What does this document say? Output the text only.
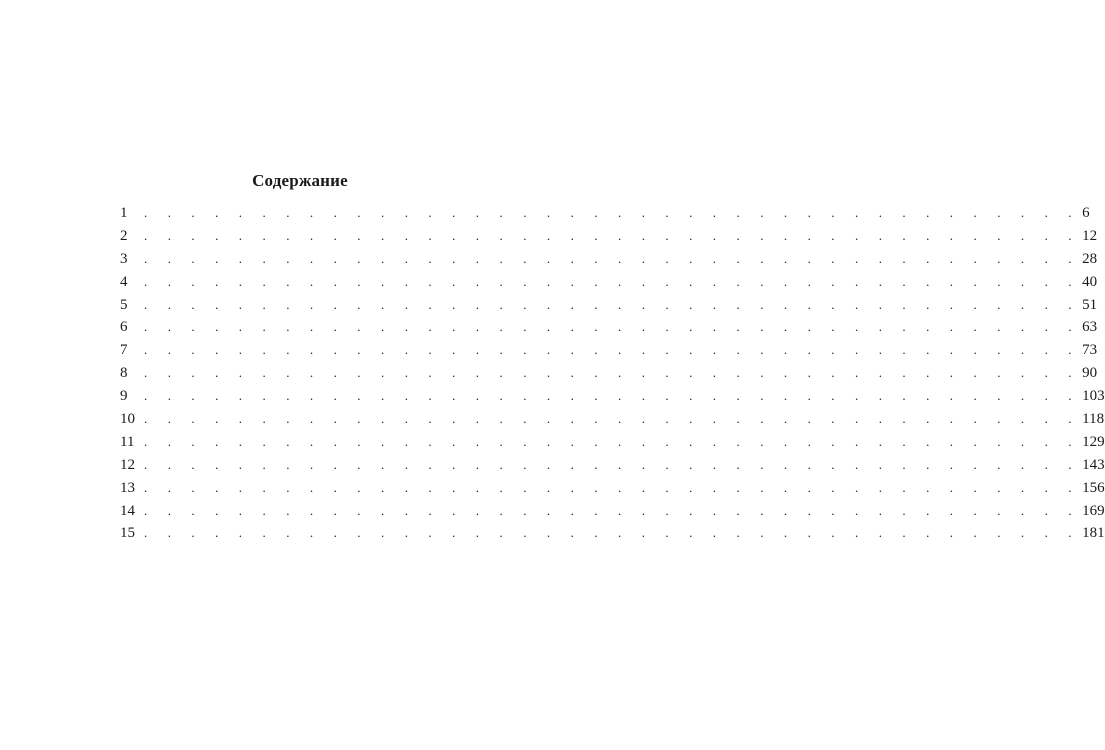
Содержание
1	. . . . . . . . . . . . . . . . . . . . . . . . . . . . . . . . . . . . . . . . 6
2	. . . . . . . . . . . . . . . . . . . . . . . . . . . . . . . . . . . . . . . . 12
3	. . . . . . . . . . . . . . . . . . . . . . . . . . . . . . . . . . . . . . . . 28
4	. . . . . . . . . . . . . . . . . . . . . . . . . . . . . . . . . . . . . . . . 40
5	. . . . . . . . . . . . . . . . . . . . . . . . . . . . . . . . . . . . . . . . 51
6	. . . . . . . . . . . . . . . . . . . . . . . . . . . . . . . . . . . . . . . . 63
7	. . . . . . . . . . . . . . . . . . . . . . . . . . . . . . . . . . . . . . . . 73
8	. . . . . . . . . . . . . . . . . . . . . . . . . . . . . . . . . . . . . . . . 90
9	. . . . . . . . . . . . . . . . . . . . . . . . . . . . . . . . . . . . . . . . 103
10 . . . . . . . . . . . . . . . . . . . . . . . . . . . . . . . . . . . . . . . . 118
11 . . . . . . . . . . . . . . . . . . . . . . . . . . . . . . . . . . . . . . . . 129
12 . . . . . . . . . . . . . . . . . . . . . . . . . . . . . . . . . . . . . . . . 143
13 . . . . . . . . . . . . . . . . . . . . . . . . . . . . . . . . . . . . . . . . 156
14 . . . . . . . . . . . . . . . . . . . . . . . . . . . . . . . . . . . . . . . . 169
15 . . . . . . . . . . . . . . . . . . . . . . . . . . . . . . . . . . . . . . . . 181
